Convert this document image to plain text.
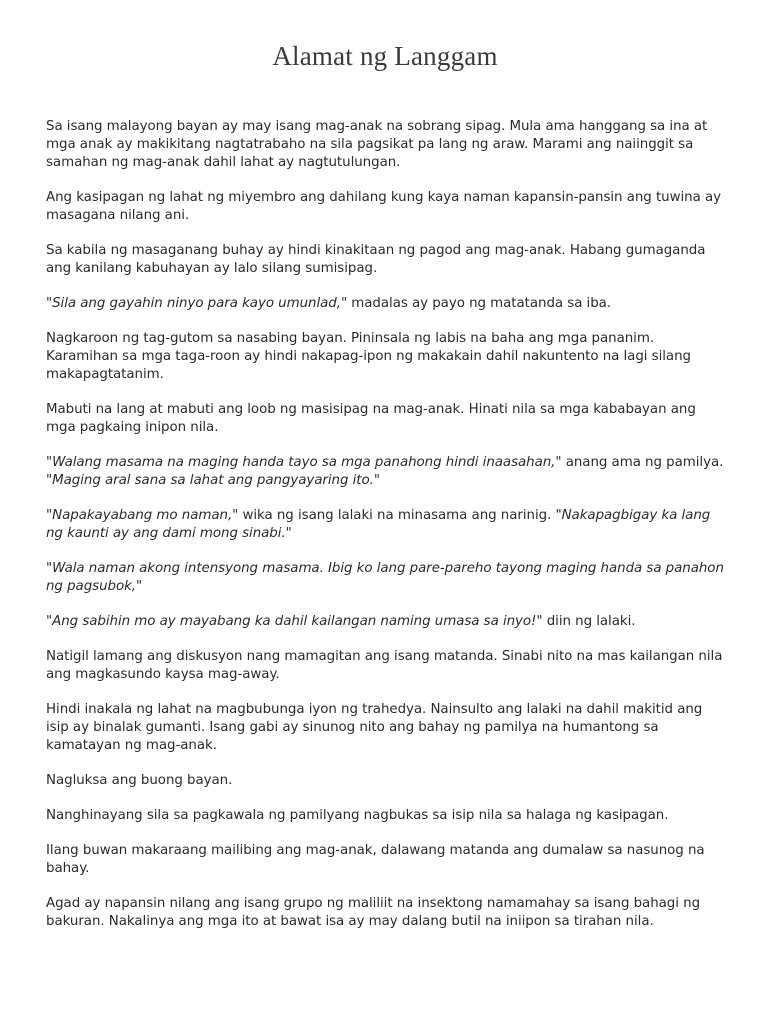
Alamat ng Langgam

Sa isang malayong bayan ay may isang mag-anak na sobrang sipag. Mula ama hanggang sa ina at mga anak ay makikitang nagtatrabaho na sila pagsikat pa lang ng araw. Marami ang naiinggit sa samahan ng mag-anak dahil lahat ay nagtutulungan.

Ang kasipagan ng lahat ng miyembro ang dahilang kung kaya naman kapansin-pansin ang tuwina ay masagana nilang ani.

Sa kabila ng masaganang buhay ay hindi kinakitaan ng pagod ang mag-anak. Habang gumaganda ang kanilang kabuhayan ay lalo silang sumisipag.

"Sila ang gayahin ninyo para kayo umunlad," madalas ay payo ng matatanda sa iba.

Nagkaroon ng tag-gutom sa nasabing bayan. Pininsala ng labis na baha ang mga pananim. Karamihan sa mga taga-roon ay hindi nakapag-ipon ng makakain dahil nakuntento na lagi silang makapagtatanim.

Mabuti na lang at mabuti ang loob ng masisipag na mag-anak. Hinati nila sa mga kababayan ang mga pagkaing inipon nila.

"Walang masama na maging handa tayo sa mga panahong hindi inaasahan," anang ama ng pamilya. "Maging aral sana sa lahat ang pangyayaring ito."

"Napakayabang mo naman," wika ng isang lalaki na minasama ang narinig. "Nakapagbigay ka lang ng kaunti ay ang dami mong sinabi."

"Wala naman akong intensyong masama. Ibig ko lang pare-pareho tayong maging handa sa panahon ng pagsubok,"

"Ang sabihin mo ay mayabang ka dahil kailangan naming umasa sa inyo!" diin ng lalaki.

Natigil lamang ang diskusyon nang mamagitan ang isang matanda. Sinabi nito na mas kailangan nila ang magkasundo kaysa mag-away.

Hindi inakala ng lahat na magbubunga iyon ng trahedya. Nainsulto ang lalaki na dahil makitid ang isip ay binalak gumanti. Isang gabi ay sinunog nito ang bahay ng pamilya na humantong sa kamatayan ng mag-anak.

Nagluksa ang buong bayan.

Nanghinayang sila sa pagkawala ng pamilyang nagbukas sa isip nila sa halaga ng kasipagan.

Ilang buwan makaraang mailibing ang mag-anak, dalawang matanda ang dumalaw sa nasunog na bahay.

Agad ay napansin nilang ang isang grupo ng maliliit na insektong namamahay sa isang bahagi ng bakuran. Nakalinya ang mga ito at bawat isa ay may dalang butil na iniipon sa tirahan nila.
